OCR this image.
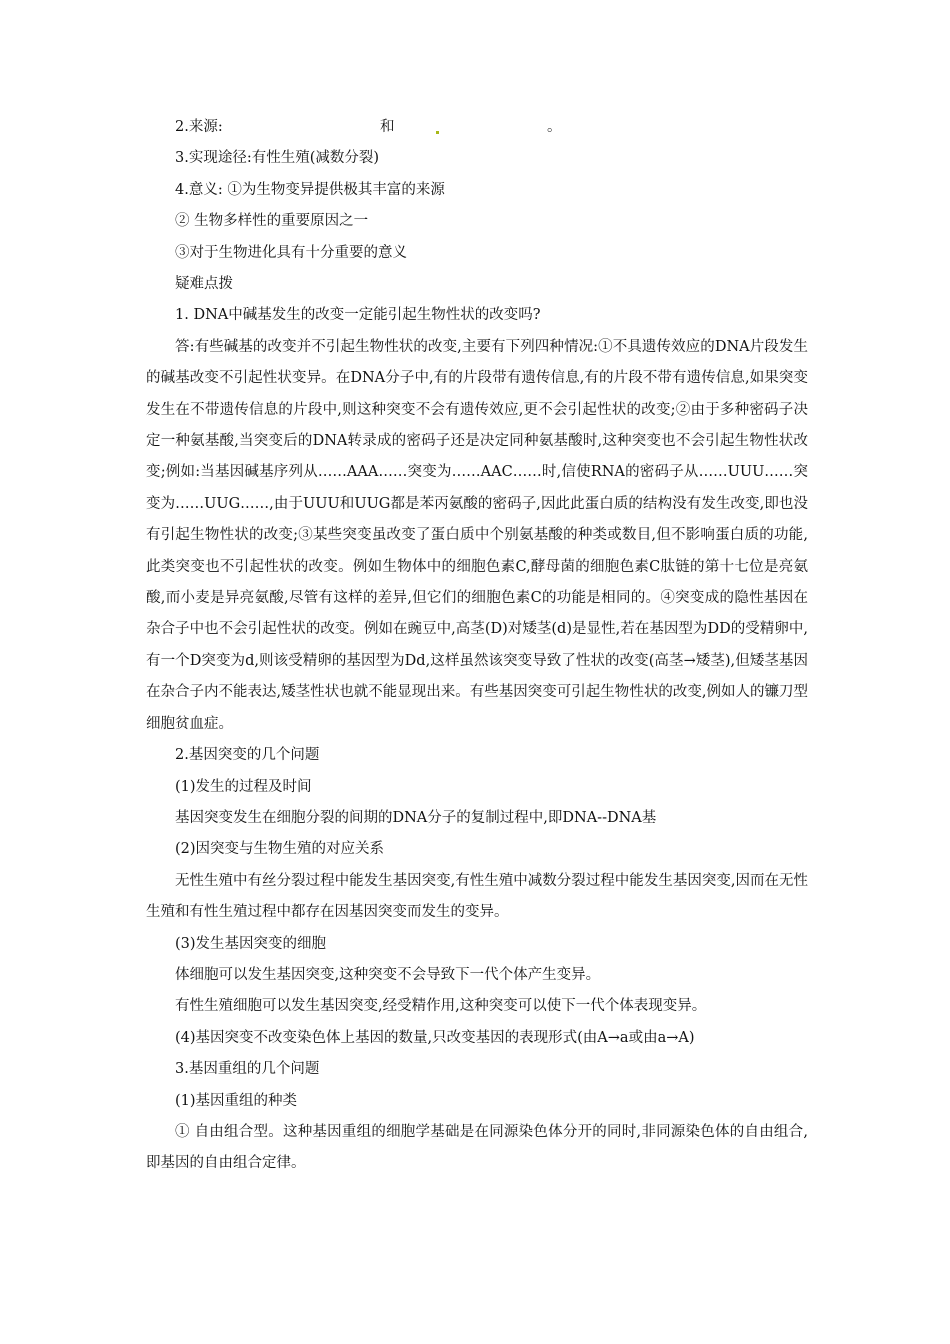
2.来源:	和	。

3.实现途径:有性生殖(减数分裂)

4.意义: ①为生物变异提供极其丰富的来源

② 生物多样性的重要原因之一

③对于生物进化具有十分重要的意义

疑难点拨

1. DNA中碱基发生的改变一定能引起生物性状的改变吗?

答:有些碱基的改变并不引起生物性状的改变,主要有下列四种情况:①不具遗传效应的DNA片段发生的碱基改变不引起性状变异。在DNA分子中,有的片段带有遗传信息,有的片段不带有遗传信息,如果突变发生在不带遗传信息的片段中,则这种突变不会有遗传效应,更不会引起性状的改变;②由于多种密码子决定一种氨基酸,当突变后的DNA转录成的密码子还是决定同种氨基酸时,这种突变也不会引起生物性状改变;例如:当基因碱基序列从……AAA……突变为……AAC……时,信使RNA的密码子从……UUU……突变为……UUG……,由于UUU和UUG都是苯丙氨酸的密码子,因此此蛋白质的结构没有发生改变,即也没有引起生物性状的改变;③某些突变虽改变了蛋白质中个别氨基酸的种类或数目,但不影响蛋白质的功能,此类突变也不引起性状的改变。例如生物体中的细胞色素C,酵母菌的细胞色素C肽链的第十七位是亮氨酸,而小麦是异亮氨酸,尽管有这样的差异,但它们的细胞色素C的功能是相同的。④突变成的隐性基因在杂合子中也不会引起性状的改变。例如在豌豆中,高茎(D)对矮茎(d)是显性,若在基因型为DD的受精卵中,有一个D突变为d,则该受精卵的基因型为Dd,这样虽然该突变导致了性状的改变(高茎→矮茎),但矮茎基因在杂合子内不能表达,矮茎性状也就不能显现出来。有些基因突变可引起生物性状的改变,例如人的镰刀型细胞贫血症。

2.基因突变的几个问题

(1)发生的过程及时间

基因突变发生在细胞分裂的间期的DNA分子的复制过程中,即DNA--DNA基

(2)因突变与生物生殖的对应关系

无性生殖中有丝分裂过程中能发生基因突变,有性生殖中减数分裂过程中能发生基因突变,因而在无性生殖和有性生殖过程中都存在因基因突变而发生的变异。

(3)发生基因突变的细胞

体细胞可以发生基因突变,这种突变不会导致下一代个体产生变异。

有性生殖细胞可以发生基因突变,经受精作用,这种突变可以使下一代个体表现变异。

(4)基因突变不改变染色体上基因的数量,只改变基因的表现形式(由A→a或由a→A)

3.基因重组的几个问题

(1)基因重组的种类

① 自由组合型。这种基因重组的细胞学基础是在同源染色体分开的同时,非同源染色体的自由组合,即基因的自由组合定律。
